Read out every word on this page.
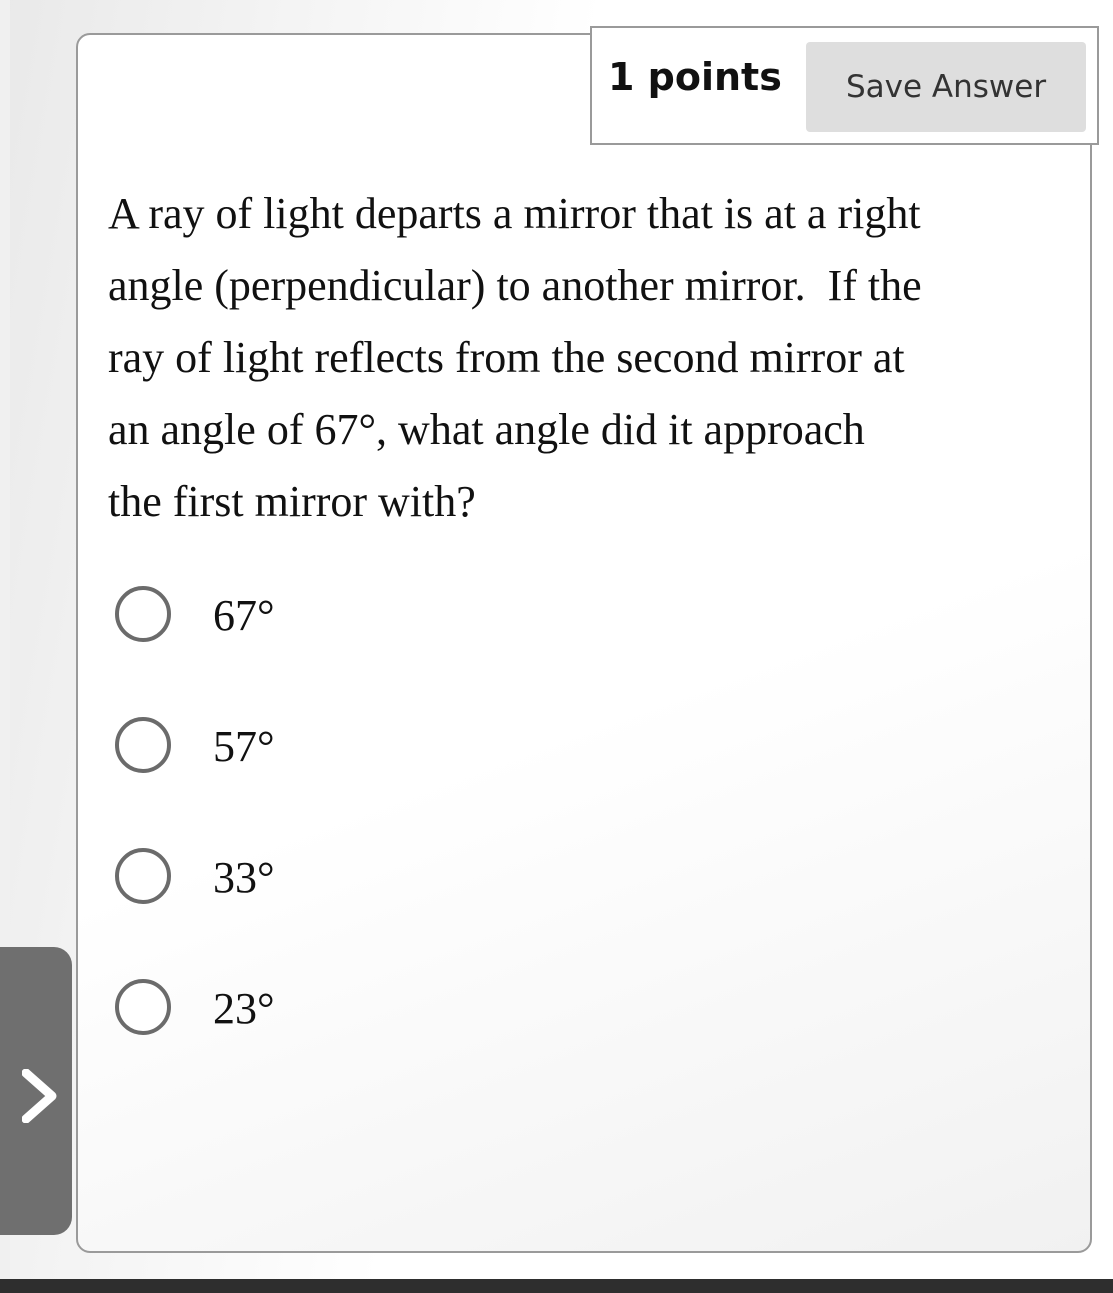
A ray of light departs a mirror that is at a right
angle (perpendicular) to another mirror.  If the
ray of light reflects from the second mirror at
an angle of 67°, what angle did it approach
the first mirror with?

67°
57°
33°
23°
1 points	Save Answer
